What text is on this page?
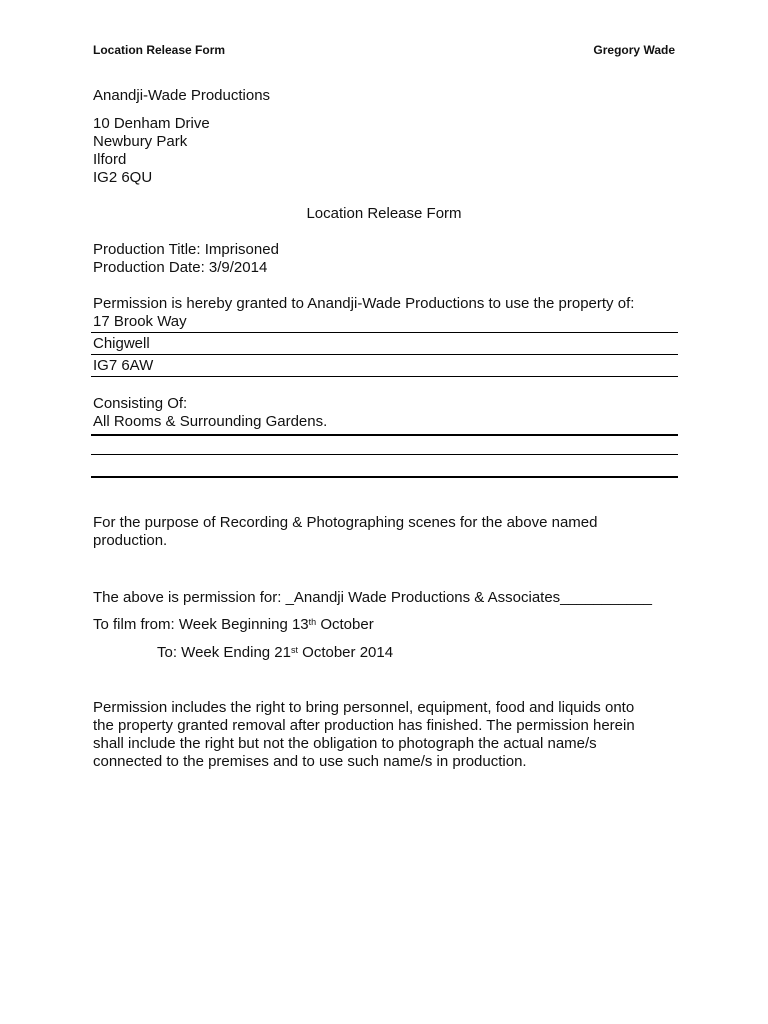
Location Release Form	Gregory Wade
Anandji-Wade Productions
10 Denham Drive
Newbury Park
Ilford
IG2 6QU
Location Release Form
Production Title: Imprisoned
Production Date: 3/9/2014
Permission is hereby granted to Anandji-Wade Productions to use the property of:
17 Brook Way
Chigwell
IG7 6AW
Consisting Of:
All Rooms & Surrounding Gardens.
For the purpose of Recording & Photographing scenes for the above named
production.
The above is permission for: _Anandji Wade Productions & Associates___________
To film from: Week Beginning 13th October
To: Week Ending 21st October 2014
Permission includes the right to bring personnel, equipment, food and liquids onto
the property granted removal after production has finished. The permission herein
shall include the right but not the obligation to photograph the actual name/s
connected to the premises and to use such name/s in production.
